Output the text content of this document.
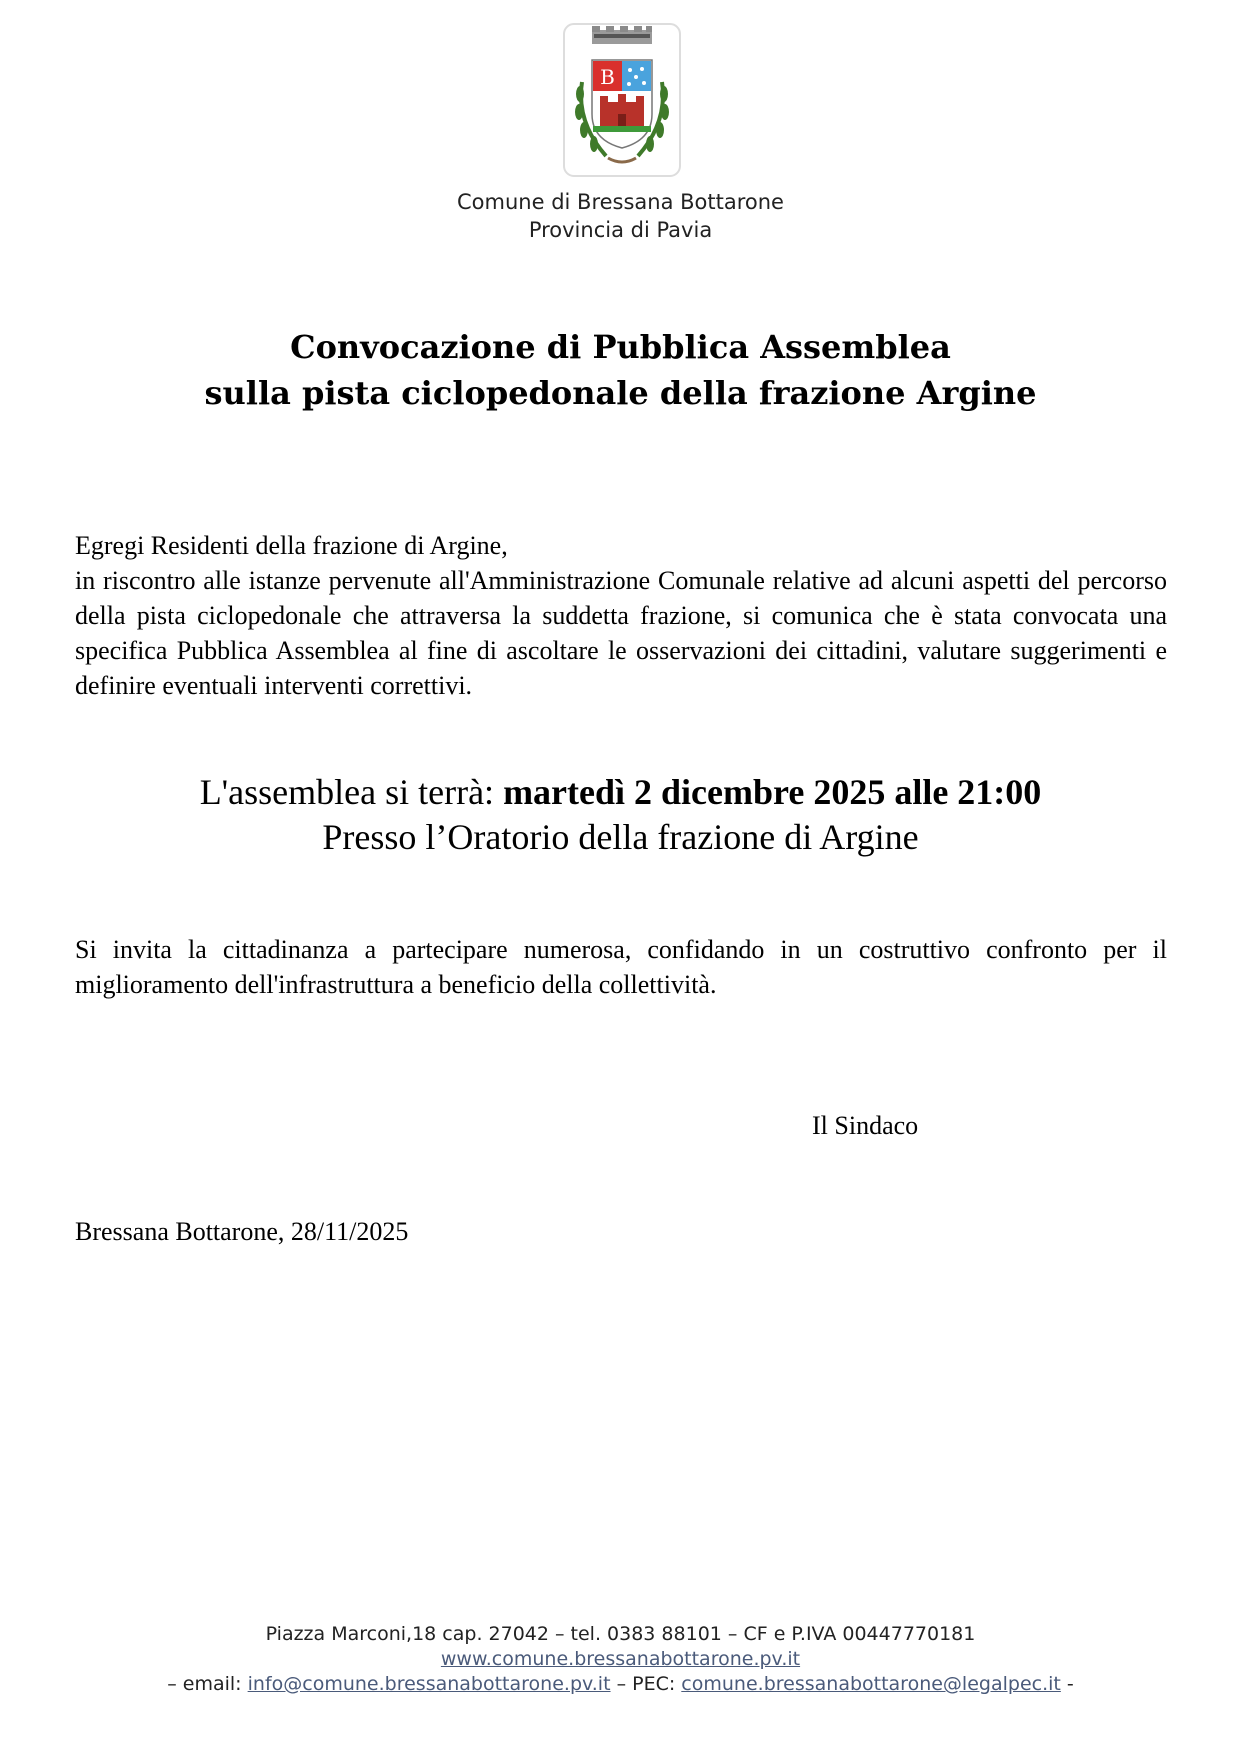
B
Comune di Bressana Bottarone
Provincia di Pavia
Convocazione di Pubblica Assemblea
sulla pista ciclopedonale della frazione Argine

Egregi Residenti della frazione di Argine,

in riscontro alle istanze pervenute all'Amministrazione Comunale relative ad alcuni aspetti del percorso della pista ciclopedonale che attraversa la suddetta frazione, si comunica che è stata convocata una specifica Pubblica Assemblea al fine di ascoltare le osservazioni dei cittadini, valutare suggerimenti e definire eventuali interventi correttivi.

L'assemblea si terrà: martedì 2 dicembre 2025 alle 21:00
Presso l’Oratorio della frazione di Argine

Si invita la cittadinanza a partecipare numerosa, confidando in un costruttivo confronto per il miglioramento dell'infrastruttura a beneficio della collettività.

Il Sindaco
Bressana Bottarone, 28/11/2025
Piazza Marconi,18 cap. 27042 – tel. 0383 88101 – CF e P.IVA 00447770181
www.comune.bressanabottarone.pv.it
– email: info@comune.bressanabottarone.pv.it – PEC: comune.bressanabottarone@legalpec.it -
